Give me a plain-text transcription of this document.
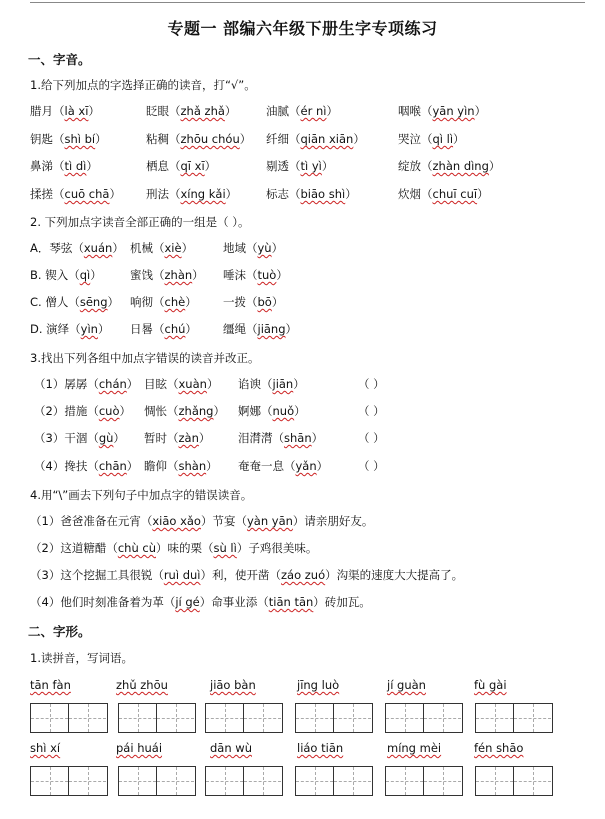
专题一 部编六年级下册生字专项练习
一、字音。
1.给下列加点的字选择正确的读音，打“√”。
腊月（là xī）	眨眼（zhǎ zhǎ）	油腻（ér nì）	咽喉（yān yìn）
钥匙（shì bí）	粘稠（zhōu chóu） 纤细（qiān xiān）	哭泣（qì lì）
鼻涕（tì dì）	栖息（qī xī）	剔透（tì yì）	绽放（zhàn dìng）
揉搓（cuō chā） 刑法（xíng kǎi）	标志（biāo shì）	炊烟（chuī cuī）
2. 下列加点字读音全部正确的一组是（ ）。
A．琴弦（xuán） 机械（xiè）	地域（yù）
B. 锲入（qì） 蜜饯（zhàn） 唾沫（tuò）
C. 僧人（sēng） 响彻（chè） 一拨（bō）
D. 演绎（yìn） 日晷（chú） 缰绳（jiāng）
3.找出下列各组中加点字错误的读音并改正。
（1）孱孱（chán） 目眩（xuàn） 谄谀（jiān）	（ ）
（2）措施（cuò） 惆怅（zhǎng） 婀娜（nuǒ）	（ ）
（3）干涸（gù） 暂时（zàn） 泪潸潸（shān）	（ ）
（4）搀扶（chān） 瞻仰（shàn） 奄奄一息（yǎn）	（ ）
4.用“\”画去下列句子中加点字的错误读音。
（1）爸爸准备在元宵（xiāo xǎo）节宴（yàn yān）请亲朋好友。
（2）这道糖醋（chù cù）味的栗（sù lì）子鸡很美味。
（3）这个挖掘工具很锐（ruì duì）利，使开凿（záo zuó）沟渠的速度大大提高了。
（4）他们时刻准备着为革（jí gé）命事业添（tiān tān）砖加瓦。
二、字形。
1.读拼音，写词语。
tān fàn	zhǔ zhōu	jiāo bàn	jīng luò	jí guàn	fù gài
shì xí	pái huái	dān wù	liáo tiān	míng mèi	fén shāo
